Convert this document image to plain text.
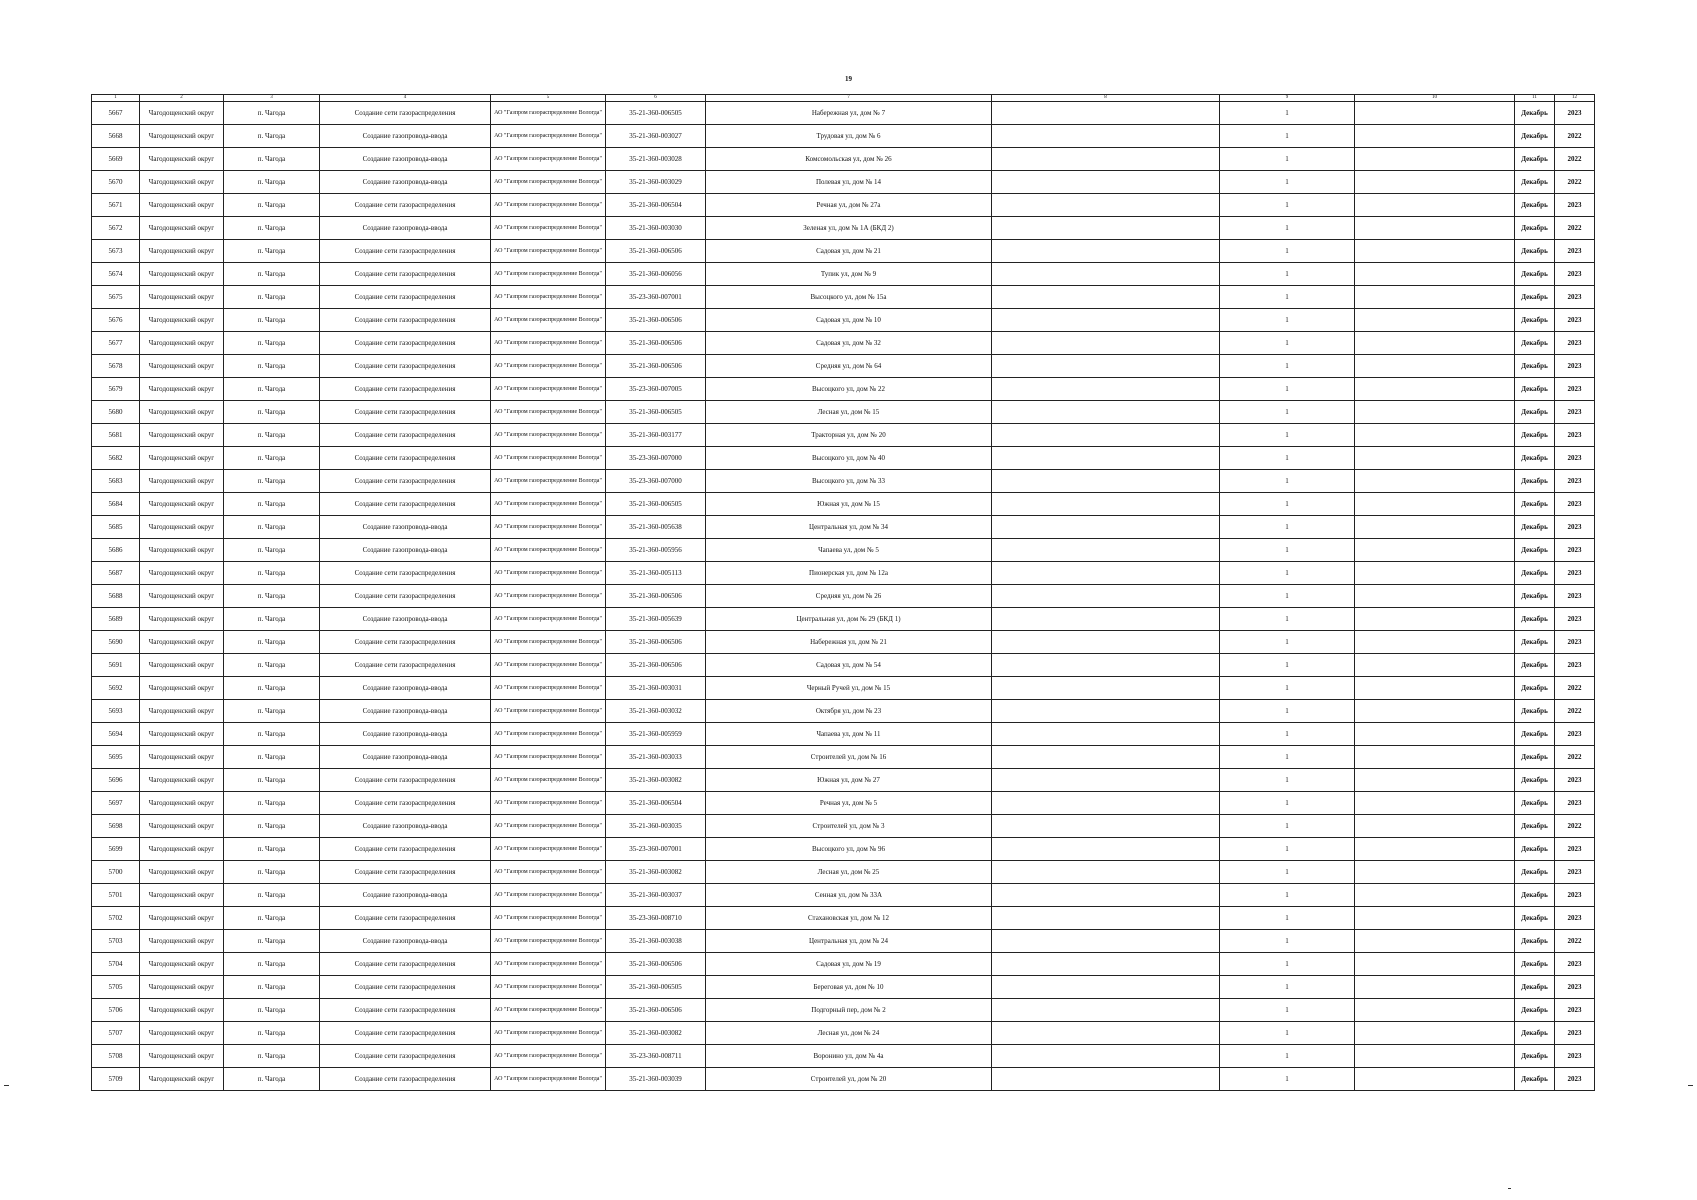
19
1	2	3	4	5	6	7	8	9	10	11	12
5667	Чагодощенский округ	п. Чагода	Создание сети газораспределения	АО "Газпром газораспределение Вологда"	35-21-360-006505	Набережная ул, дом № 7		1		Декабрь	2023
5668	Чагодощенский округ	п. Чагода	Создание газопровода-ввода	АО "Газпром газораспределение Вологда"	35-21-360-003027	Трудовая ул, дом № 6		1		Декабрь	2022
5669	Чагодощенский округ	п. Чагода	Создание газопровода-ввода	АО "Газпром газораспределение Вологда"	35-21-360-003028	Комсомольская ул, дом № 26		1		Декабрь	2022
5670	Чагодощенский округ	п. Чагода	Создание газопровода-ввода	АО "Газпром газораспределение Вологда"	35-21-360-003029	Полевая ул, дом № 14		1		Декабрь	2022
5671	Чагодощенский округ	п. Чагода	Создание сети газораспределения	АО "Газпром газораспределение Вологда"	35-21-360-006504	Речная ул, дом № 27а		1		Декабрь	2023
5672	Чагодощенский округ	п. Чагода	Создание газопровода-ввода	АО "Газпром газораспределение Вологда"	35-21-360-003030	Зеленая ул, дом № 1А (БКД 2)		1		Декабрь	2022
5673	Чагодощенский округ	п. Чагода	Создание сети газораспределения	АО "Газпром газораспределение Вологда"	35-21-360-006506	Садовая ул, дом № 21		1		Декабрь	2023
5674	Чагодощенский округ	п. Чагода	Создание сети газораспределения	АО "Газпром газораспределение Вологда"	35-21-360-006056	Тупик ул, дом № 9		1		Декабрь	2023
5675	Чагодощенский округ	п. Чагода	Создание сети газораспределения	АО "Газпром газораспределение Вологда"	35-23-360-007001	Высоцкого ул, дом № 15а		1		Декабрь	2023
5676	Чагодощенский округ	п. Чагода	Создание сети газораспределения	АО "Газпром газораспределение Вологда"	35-21-360-006506	Садовая ул, дом № 10		1		Декабрь	2023
5677	Чагодощенский округ	п. Чагода	Создание сети газораспределения	АО "Газпром газораспределение Вологда"	35-21-360-006506	Садовая ул, дом № 32		1		Декабрь	2023
5678	Чагодощенский округ	п. Чагода	Создание сети газораспределения	АО "Газпром газораспределение Вологда"	35-21-360-006506	Средняя ул, дом № 64		1		Декабрь	2023
5679	Чагодощенский округ	п. Чагода	Создание сети газораспределения	АО "Газпром газораспределение Вологда"	35-23-360-007005	Высоцкого ул, дом № 22		1		Декабрь	2023
5680	Чагодощенский округ	п. Чагода	Создание сети газораспределения	АО "Газпром газораспределение Вологда"	35-21-360-006505	Лесная ул, дом № 15		1		Декабрь	2023
5681	Чагодощенский округ	п. Чагода	Создание сети газораспределения	АО "Газпром газораспределение Вологда"	35-21-360-003177	Тракторная ул, дом № 20		1		Декабрь	2023
5682	Чагодощенский округ	п. Чагода	Создание сети газораспределения	АО "Газпром газораспределение Вологда"	35-23-360-007000	Высоцкого ул, дом № 40		1		Декабрь	2023
5683	Чагодощенский округ	п. Чагода	Создание сети газораспределения	АО "Газпром газораспределение Вологда"	35-23-360-007000	Высоцкого ул, дом № 33		1		Декабрь	2023
5684	Чагодощенский округ	п. Чагода	Создание сети газораспределения	АО "Газпром газораспределение Вологда"	35-21-360-006505	Южная ул, дом № 15		1		Декабрь	2023
5685	Чагодощенский округ	п. Чагода	Создание газопровода-ввода	АО "Газпром газораспределение Вологда"	35-21-360-005638	Центральная ул, дом № 34		1		Декабрь	2023
5686	Чагодощенский округ	п. Чагода	Создание газопровода-ввода	АО "Газпром газораспределение Вологда"	35-21-360-005956	Чапаева ул, дом № 5		1		Декабрь	2023
5687	Чагодощенский округ	п. Чагода	Создание сети газораспределения	АО "Газпром газораспределение Вологда"	35-21-360-005113	Пионерская ул, дом № 12а		1		Декабрь	2023
5688	Чагодощенский округ	п. Чагода	Создание сети газораспределения	АО "Газпром газораспределение Вологда"	35-21-360-006506	Средняя ул, дом № 26		1		Декабрь	2023
5689	Чагодощенский округ	п. Чагода	Создание газопровода-ввода	АО "Газпром газораспределение Вологда"	35-21-360-005639	Центральная ул, дом № 29 (БКД 1)		1		Декабрь	2023
5690	Чагодощенский округ	п. Чагода	Создание сети газораспределения	АО "Газпром газораспределение Вологда"	35-21-360-006506	Набережная ул, дом № 21		1		Декабрь	2023
5691	Чагодощенский округ	п. Чагода	Создание сети газораспределения	АО "Газпром газораспределение Вологда"	35-21-360-006506	Садовая ул, дом № 54		1		Декабрь	2023
5692	Чагодощенский округ	п. Чагода	Создание газопровода-ввода	АО "Газпром газораспределение Вологда"	35-21-360-003031	Черный Ручей ул, дом № 15		1		Декабрь	2022
5693	Чагодощенский округ	п. Чагода	Создание газопровода-ввода	АО "Газпром газораспределение Вологда"	35-21-360-003032	Октября ул, дом № 23		1		Декабрь	2022
5694	Чагодощенский округ	п. Чагода	Создание газопровода-ввода	АО "Газпром газораспределение Вологда"	35-21-360-005959	Чапаева ул, дом № 11		1		Декабрь	2023
5695	Чагодощенский округ	п. Чагода	Создание газопровода-ввода	АО "Газпром газораспределение Вологда"	35-21-360-003033	Строителей ул, дом № 16		1		Декабрь	2022
5696	Чагодощенский округ	п. Чагода	Создание сети газораспределения	АО "Газпром газораспределение Вологда"	35-21-360-003082	Южная ул, дом № 27		1		Декабрь	2023
5697	Чагодощенский округ	п. Чагода	Создание сети газораспределения	АО "Газпром газораспределение Вологда"	35-21-360-006504	Речная ул, дом № 5		1		Декабрь	2023
5698	Чагодощенский округ	п. Чагода	Создание газопровода-ввода	АО "Газпром газораспределение Вологда"	35-21-360-003035	Строителей ул, дом № 3		1		Декабрь	2022
5699	Чагодощенский округ	п. Чагода	Создание сети газораспределения	АО "Газпром газораспределение Вологда"	35-23-360-007001	Высоцкого ул, дом № 96		1		Декабрь	2023
5700	Чагодощенский округ	п. Чагода	Создание сети газораспределения	АО "Газпром газораспределение Вологда"	35-21-360-003082	Лесная ул, дом № 25		1		Декабрь	2023
5701	Чагодощенский округ	п. Чагода	Создание газопровода-ввода	АО "Газпром газораспределение Вологда"	35-21-360-003037	Сенная ул, дом № 33А		1		Декабрь	2023
5702	Чагодощенский округ	п. Чагода	Создание сети газораспределения	АО "Газпром газораспределение Вологда"	35-23-360-008710	Стахановская ул, дом № 12		1		Декабрь	2023
5703	Чагодощенский округ	п. Чагода	Создание газопровода-ввода	АО "Газпром газораспределение Вологда"	35-21-360-003038	Центральная ул, дом № 24		1		Декабрь	2022
5704	Чагодощенский округ	п. Чагода	Создание сети газораспределения	АО "Газпром газораспределение Вологда"	35-21-360-006506	Садовая ул, дом № 19		1		Декабрь	2023
5705	Чагодощенский округ	п. Чагода	Создание сети газораспределения	АО "Газпром газораспределение Вологда"	35-21-360-006505	Береговая ул, дом № 10		1		Декабрь	2023
5706	Чагодощенский округ	п. Чагода	Создание сети газораспределения	АО "Газпром газораспределение Вологда"	35-21-360-006506	Подгорный пер, дом № 2		1		Декабрь	2023
5707	Чагодощенский округ	п. Чагода	Создание сети газораспределения	АО "Газпром газораспределение Вологда"	35-21-360-003082	Лесная ул, дом № 24		1		Декабрь	2023
5708	Чагодощенский округ	п. Чагода	Создание сети газораспределения	АО "Газпром газораспределение Вологда"	35-23-360-008711	Воронино ул, дом № 4а		1		Декабрь	2023
5709	Чагодощенский округ	п. Чагода	Создание сети газораспределения	АО "Газпром газораспределение Вологда"	35-21-360-003039	Строителей ул, дом № 20		1		Декабрь	2023
